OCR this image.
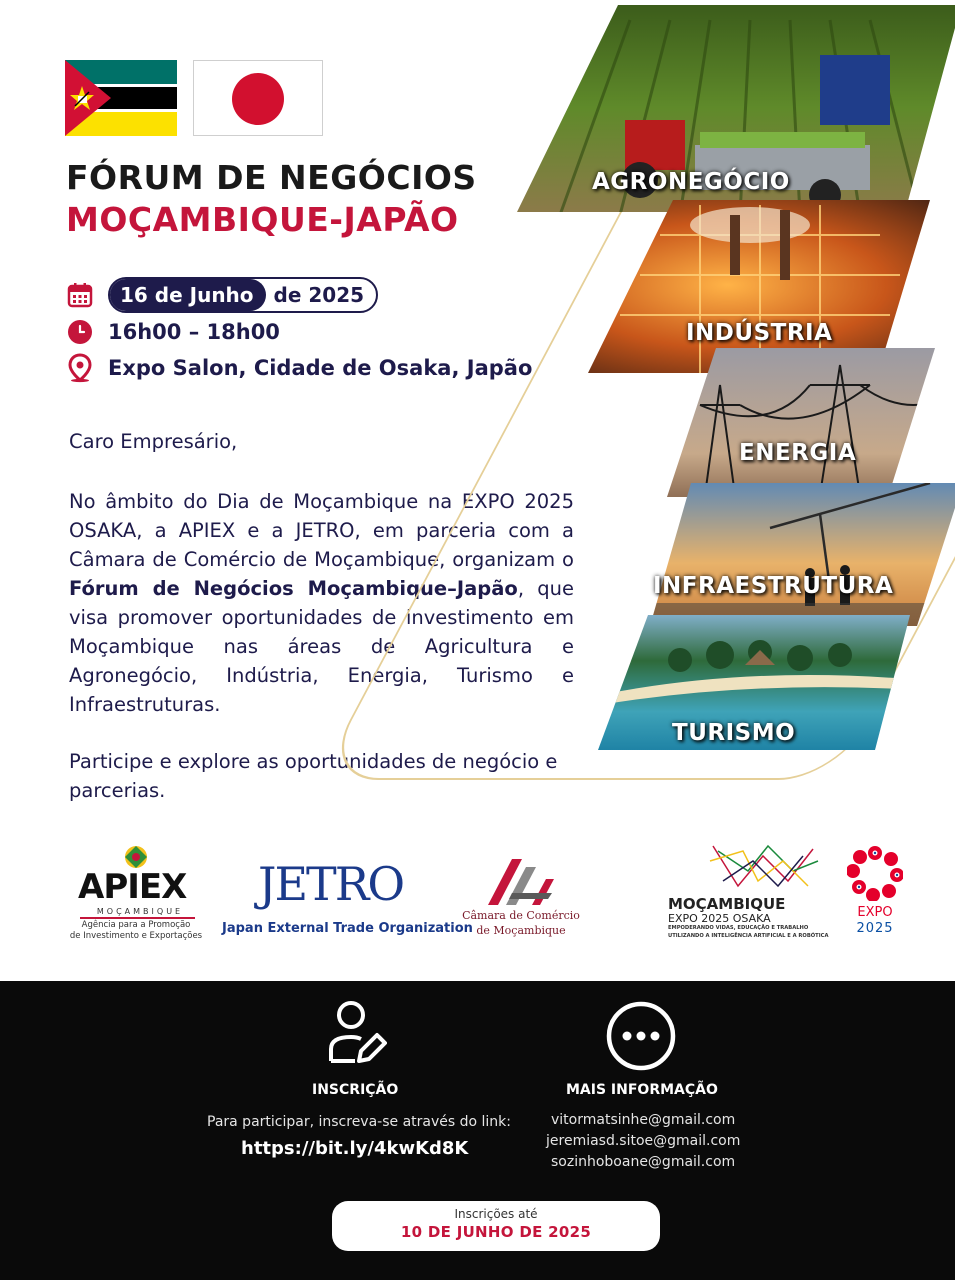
FÓRUM DE NEGÓCIOS
MOÇAMBIQUE-JAPÃO
16 de Junho	de 2025
16h00 – 18h00
Expo Salon, Cidade de Osaka, Japão
Caro Empresário,
No âmbito do Dia de Moçambique na EXPO 2025 OSAKA, a APIEX e a JETRO, em parceria com a Câmara de Comércio de Moçambique, organizam o Fórum de Negócios Moçambique–Japão, que visa promover oportunidades de investimento em Moçambique nas áreas de Agricultura e Agronegócio, Indústria, Energia, Turismo e Infraestruturas.
Participe e explore as oportunidades de negócio e parcerias.
AGRONEGÓCIO
INDÚSTRIA
ENERGIA
INFRAESTRUTURA
TURISMO
APIEX
MOÇAMBIQUE
Agência para a Promoção
de Investimento e Exportações
JETRO
Japan External Trade Organization
Câmara de Comércio
de Moçambique
MOÇAMBIQUE
EXPO 2025 OSAKA
EMPODERANDO VIDAS, EDUCAÇÃO E TRABALHO
UTILIZANDO A INTELIGÊNCIA ARTIFICIAL E A ROBÓTICA
EXPO
2025
INSCRIÇÃO
Para participar, inscreva-se através do link:
https://bit.ly/4kwKd8K
MAIS INFORMAÇÃO
vitormatsinhe@gmail.com
jeremiasd.sitoe@gmail.com
sozinhoboane@gmail.com
Inscrições até
10 DE JUNHO DE 2025
